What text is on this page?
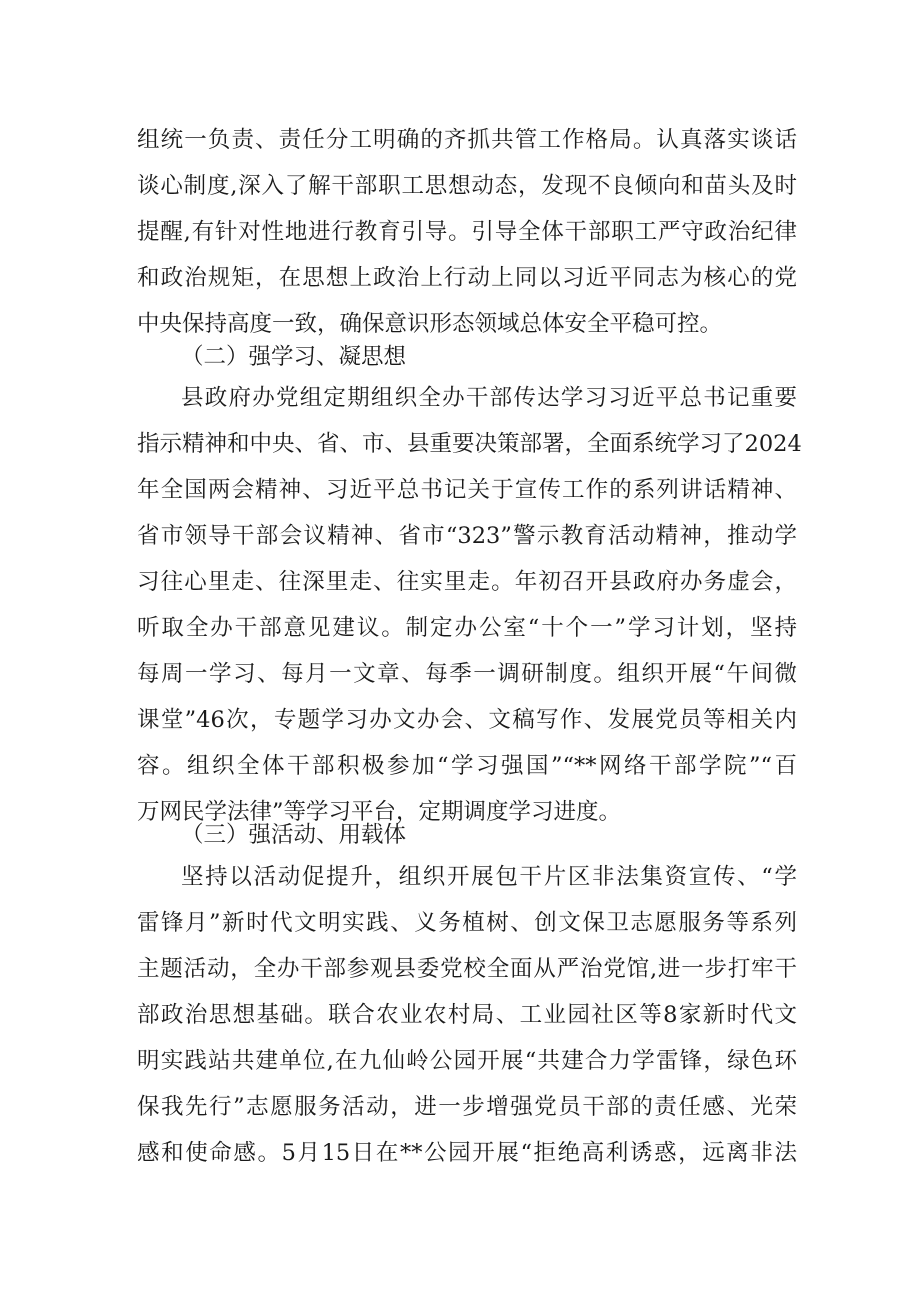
组统一负责、责任分工明确的齐抓共管工作格局。认真落实谈话
谈心制度,深入了解干部职工思想动态，发现不良倾向和苗头及时
提醒,有针对性地进行教育引导。引导全体干部职工严守政治纪律
和政治规矩，在思想上政治上行动上同以习近平同志为核心的党
中央保持高度一致，确保意识形态领域总体安全平稳可控。
（二）强学习、凝思想
县政府办党组定期组织全办干部传达学习习近平总书记重要
指示精神和中央、省、市、县重要决策部署，全面系统学习了2024
年全国两会精神、习近平总书记关于宣传工作的系列讲话精神、
省市领导干部会议精神、省市“323”警示教育活动精神，推动学
习往心里走、往深里走、往实里走。年初召开县政府办务虚会，
听取全办干部意见建议。制定办公室“十个一”学习计划，坚持
每周一学习、每月一文章、每季一调研制度。组织开展“午间微
课堂”46次，专题学习办文办会、文稿写作、发展党员等相关内
容。组织全体干部积极参加“学习强国”“**网络干部学院”“百
万网民学法律”等学习平台，定期调度学习进度。
（三）强活动、用载体
坚持以活动促提升，组织开展包干片区非法集资宣传、“学
雷锋月”新时代文明实践、义务植树、创文保卫志愿服务等系列
主题活动，全办干部参观县委党校全面从严治党馆,进一步打牢干
部政治思想基础。联合农业农村局、工业园社区等8家新时代文
明实践站共建单位,在九仙岭公园开展“共建合力学雷锋，绿色环
保我先行”志愿服务活动，进一步增强党员干部的责任感、光荣
感和使命感。5月15日在**公园开展“拒绝高利诱惑，远离非法
